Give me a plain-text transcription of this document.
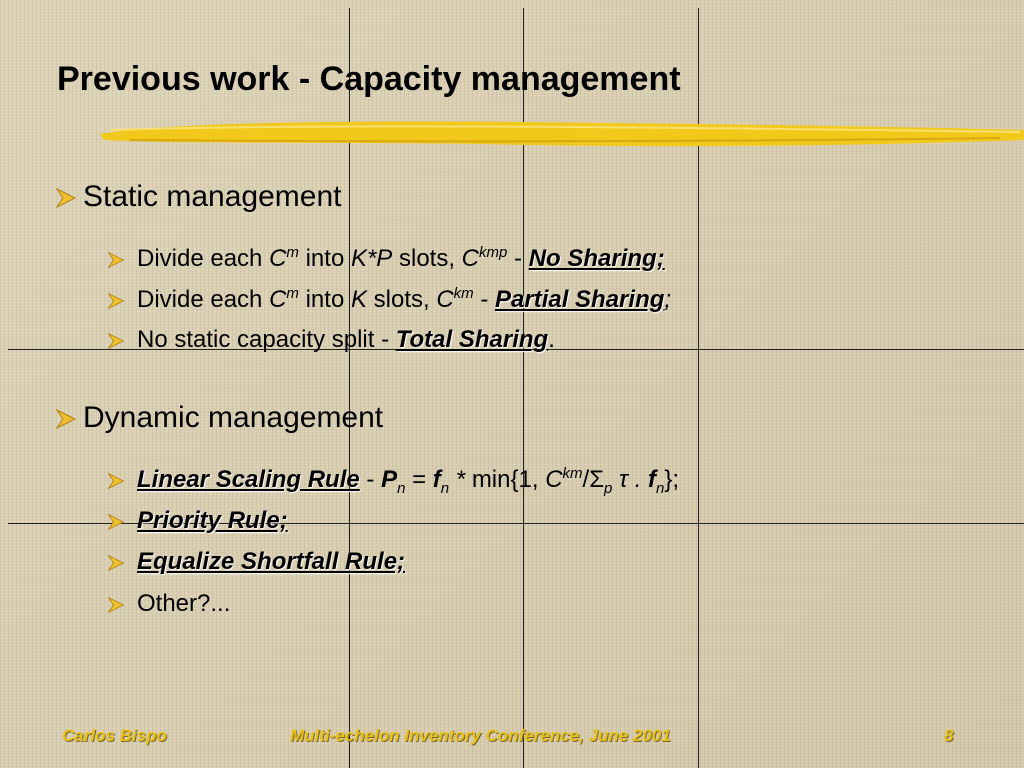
Previous work - Capacity management
Static management
Divide each $C^m$ into K*P slots, $C^{kmp}$ - No Sharing;
Divide each $C^m$ into K slots, $C^{km}$ - Partial Sharing;
No static capacity split - Total Sharing.
Dynamic management
Linear Scaling Rule - $P_n = f_n * \min\{1$, $C^{km}/\Sigma_p$ τ . $f_n$};
Priority Rule;
Equalize Shortfall Rule;
Other?...
Carlos Bispo	Multi-echelon Inventory Conference, June 2001	8
